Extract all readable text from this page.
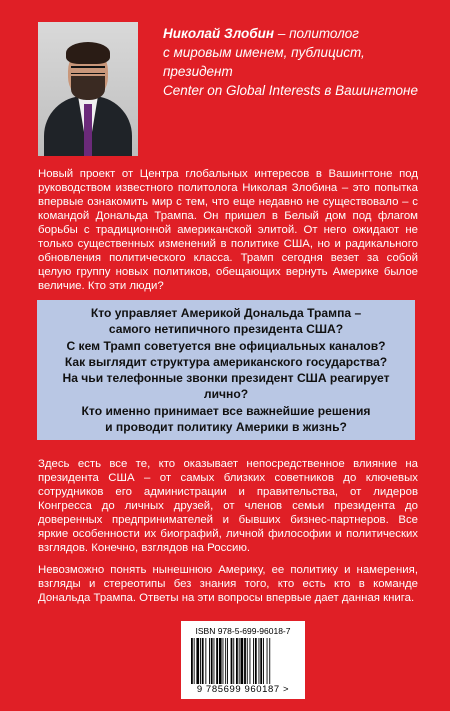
Николай Злобин – политолог
с мировым именем, публицист, президент
Center on Global Interests в Вашингтоне

Новый проект от Центра глобальных интересов в Вашингтоне под руководством известного политолога Николая Злобина – это попытка впервые ознакомить мир с тем, что еще недавно не существовало – с командой Дональда Трампа. Он пришел в Белый дом под флагом борьбы с традиционной американской элитой. От него ожидают не только существенных изменений в политике США, но и радикального обновления политического класса. Трамп сегодня везет за собой целую группу новых политиков, обещающих вернуть Америке былое величие. Кто эти люди?

Кто управляет Америкой Дональда Трампа –

самого нетипичного президента США?

С кем Трамп советуется вне официальных каналов?

Как выглядит структура американского государства?

На чьи телефонные звонки президент США реагирует лично?

Кто именно принимает все важнейшие решения

и проводит политику Америки в жизнь?

Здесь есть все те, кто оказывает непосредственное влияние на президента США – от самых близких советников до ключевых сотрудников его администрации и правительства, от лидеров Конгресса до личных друзей, от членов семьи президента до доверенных предпринимателей и бывших бизнес-партнеров. Все яркие особенности их биографий, личной философии и политических взглядов. Конечно, взглядов на Россию.

Невозможно понять нынешнюю Америку, ее политику и намерения, взгляды и стереотипы без знания того, кто есть кто в команде Дональда Трампа. Ответы на эти вопросы впервые дает данная книга.

ISBN 978-5-699-96018-7
9 785699 960187 >
